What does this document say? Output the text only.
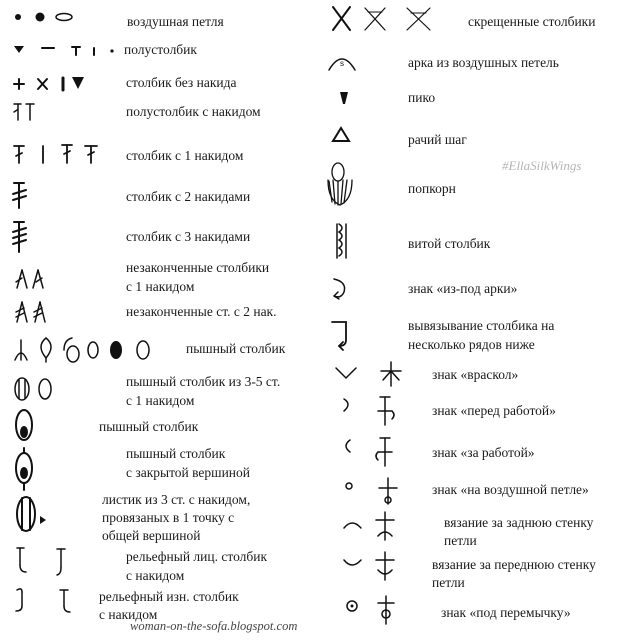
воздушная петля
полустолбик
столбик без накида
полустолбик с накидом
столбик с 1 накидом
столбик с 2 накидами
столбик с 3 накидами
незаконченные столбики
с 1 накидом
незаконченные ст. с 2 нак.
пышный столбик
пышный столбик из 3-5 ст.
с 1 накидом
пышный столбик
пышный столбик
с закрытой вершиной
листик из 3 ст. с накидом,
провязаных в 1 точку с
общей вершиной
рельефный лиц. столбик
с накидом
рельефный изн. столбик
с накидом
скрещенные столбики
арка из воздушных петель
пико
рачий шаг
попкорн
витой столбик
знак «из-под арки»
вывязывание столбика на
несколько рядов ниже
знак «враскол»
знак «перед работой»
знак «за работой»
знак «на воздушной петле»
вязание за заднюю стенку
петли
вязание за переднюю стенку
петли
знак «под перемычку»
#EllaSilkWings
woman-on-the-sofa.blogspot.com
s
